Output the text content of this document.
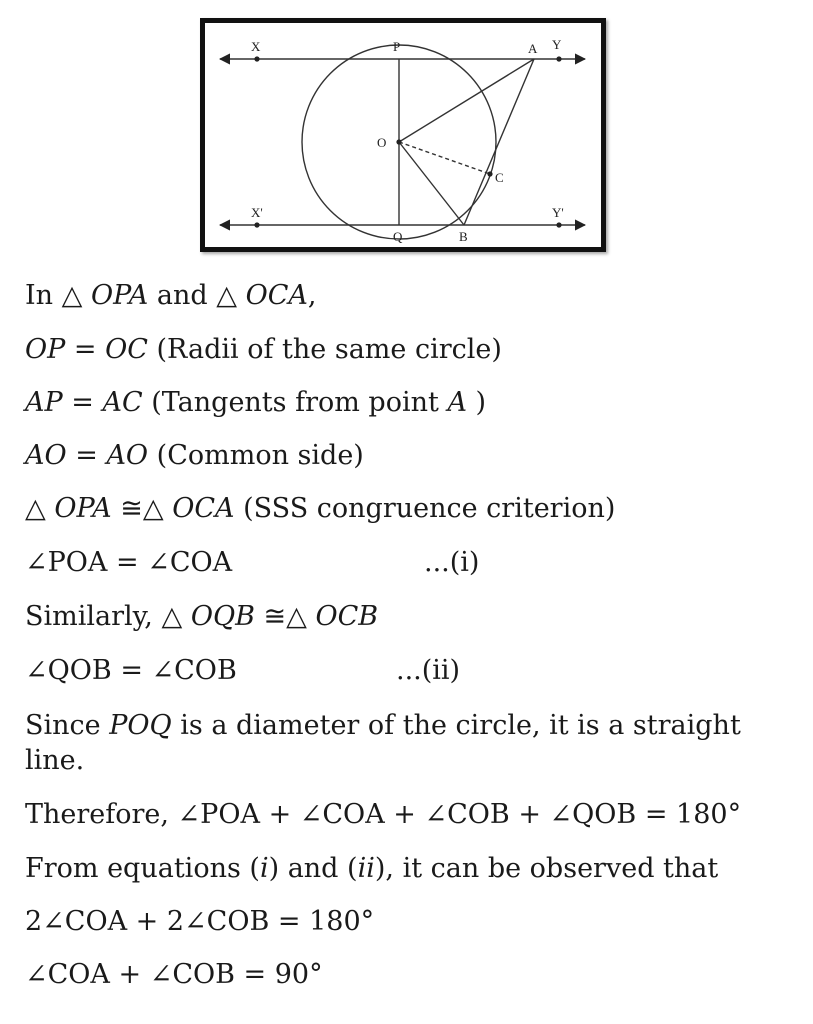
X	P	A Y
O
C
X'
Q	B
Y'
In △ OPA and △ OCA,
OP = OC (Radii of the same circle)
AP = AC (Tangents from point A )
AO = AO (Common side)
△ OPA ≅△ OCA (SSS congruence criterion)
∠POA = ∠COA	...(i)
Similarly, △ OQB ≅△ OCB
∠QOB = ∠COB	...(ii)
Since POQ is a diameter of the circle, it is a straight
line.
Therefore, ∠POA + ∠COA + ∠COB + ∠QOB = 180°
From equations (i) and (ii), it can be observed that
2∠COA + 2∠COB = 180°
∠COA + ∠COB = 90°
